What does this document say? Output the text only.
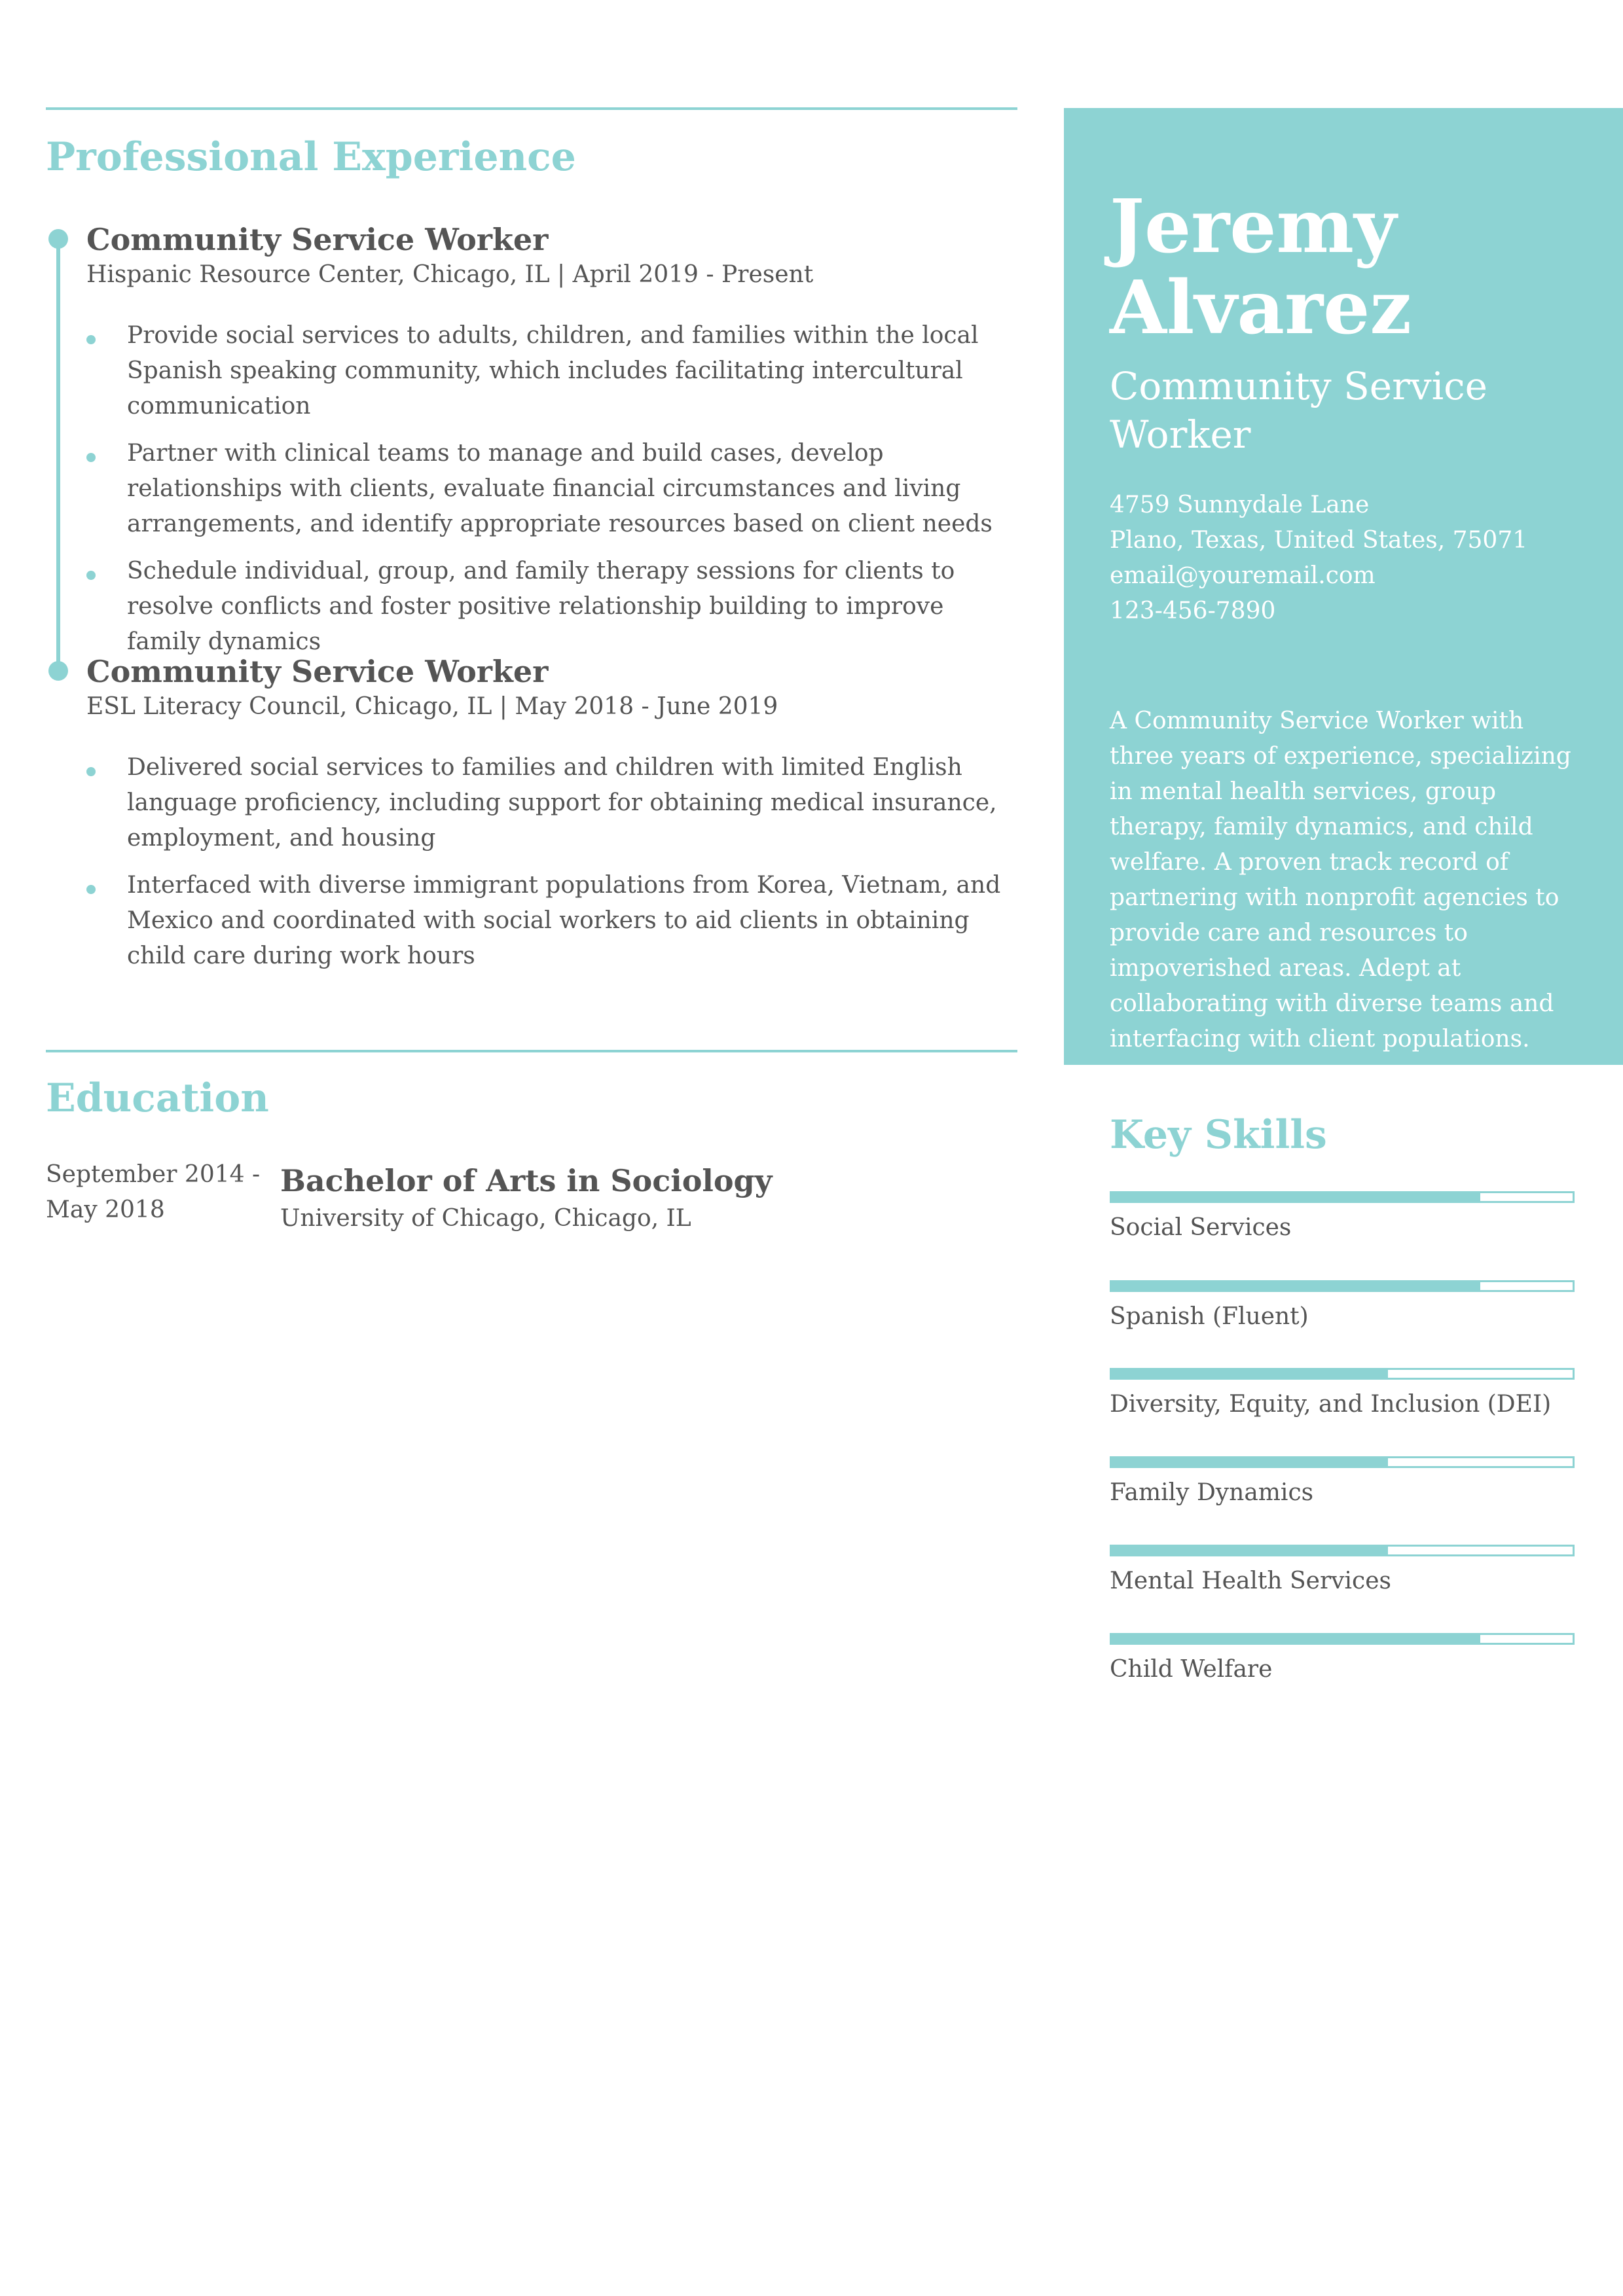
Professional Experience
Community Service Worker
Hispanic Resource Center, Chicago, IL | April 2019 - Present
Provide social services to adults, children, and families within the local Spanish speaking community, which includes facilitating intercultural communication
Partner with clinical teams to manage and build cases, develop relationships with clients, evaluate financial circumstances and living arrangements, and identify appropriate resources based on client needs
Schedule individual, group, and family therapy sessions for clients to resolve conflicts and foster positive relationship building to improve family dynamics
Community Service Worker
ESL Literacy Council, Chicago, IL | May 2018 - June 2019
Delivered social services to families and children with limited English language proficiency, including support for obtaining medical insurance, employment, and housing
Interfaced with diverse immigrant populations from Korea, Vietnam, and Mexico and coordinated with social workers to aid clients in obtaining child care during work hours
Education
September 2014 - May 2018
Bachelor of Arts in Sociology
University of Chicago, Chicago, IL
Jeremy
Alvarez
Community Service Worker
4759 Sunnydale Lane
Plano, Texas, United States, 75071
email@youremail.com
123-456-7890
A Community Service Worker with three years of experience, specializing in mental health services, group therapy, family dynamics, and child welfare. A proven track record of partnering with nonprofit agencies to provide care and resources to impoverished areas. Adept at collaborating with diverse teams and interfacing with client populations.
Key Skills
Social Services
Spanish (Fluent)
Diversity, Equity, and Inclusion (DEI)
Family Dynamics
Mental Health Services
Child Welfare
